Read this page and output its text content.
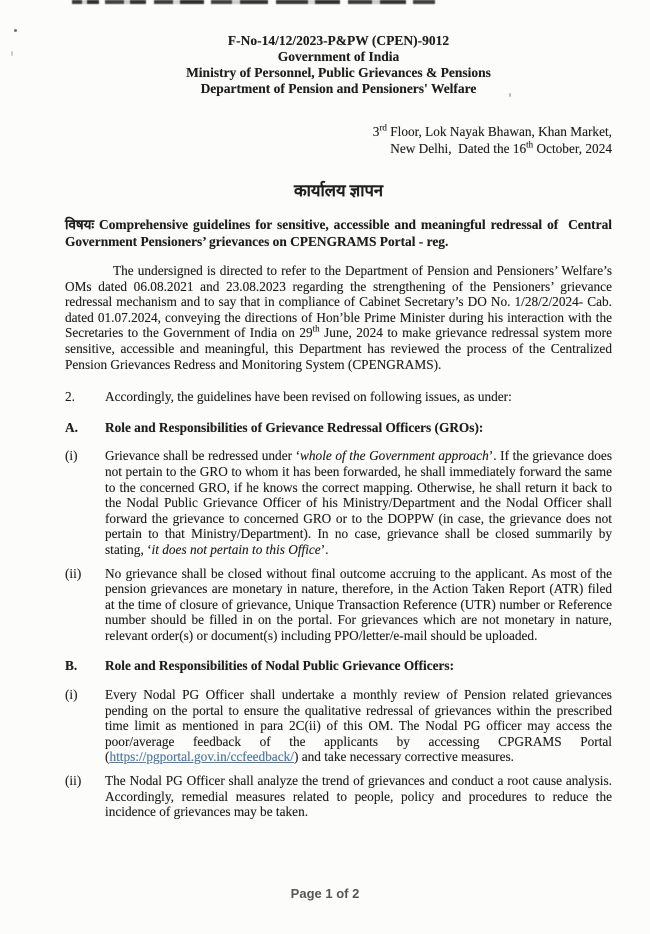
F-No-14/12/2023-P&PW (CPEN)-9012
Government of India
Ministry of Personnel, Public Grievances & Pensions
Department of Pension and Pensioners' Welfare
3rd Floor, Lok Nayak Bhawan, Khan Market,
New Delhi,  Dated the 16th October, 2024
कार्यालय ज्ञापन

विषयः Comprehensive guidelines for sensitive, accessible and meaningful redressal of  Central Government Pensioners’ grievances on CPENGRAMS Portal - reg.

The undersigned is directed to refer to the Department of Pension and Pensioners’ Welfare’s OMs dated 06.08.2021 and 23.08.2023 regarding the strengthening of the Pensioners’ grievance redressal mechanism and to say that in compliance of Cabinet Secretary’s DO No. 1/28/2/2024- Cab. dated 01.07.2024, conveying the directions of Hon’ble Prime Minister during his interaction with the Secretaries to the Government of India on 29th June, 2024 to make grievance redressal system more sensitive, accessible and meaningful, this Department has reviewed the process of the Centralized Pension Grievances Redress and Monitoring System (CPENGRAMS).

2.	Accordingly, the guidelines have been revised on following issues, as under:
A.	Role and Responsibilities of Grievance Redressal Officers (GROs):
(i)	Grievance shall be redressed under ‘whole of the Government approach’. If the grievance does not pertain to the GRO to whom it has been forwarded, he shall immediately forward the same to the concerned GRO, if he knows the correct mapping. Otherwise, he shall return it back to the Nodal Public Grievance Officer of his Ministry/Department and the Nodal Officer shall forward the grievance to concerned GRO or to the DOPPW (in case, the grievance does not pertain to that Ministry/Department). In no case, grievance shall be closed summarily by stating, ‘it does not pertain to this Office’.
(ii)	No grievance shall be closed without final outcome accruing to the applicant. As most of the pension grievances are monetary in nature, therefore, in the Action Taken Report (ATR) filed at the time of closure of grievance, Unique Transaction Reference (UTR) number or Reference number should be filled in on the portal. For grievances which are not monetary in nature, relevant order(s) or document(s) including PPO/letter/e-mail should be uploaded.
B.	Role and Responsibilities of Nodal Public Grievance Officers:
(i)	Every Nodal PG Officer shall undertake a monthly review of Pension related grievances pending on the portal to ensure the qualitative redressal of grievances within the prescribed time limit as mentioned in para 2C(ii) of this OM. The Nodal PG officer may access the poor/average feedback of the applicants by accessing CPGRAMS Portal (https://pgportal.gov.in/ccfeedback/) and take necessary corrective measures.
(ii)	The Nodal PG Officer shall analyze the trend of grievances and conduct a root cause analysis. Accordingly, remedial measures related to people, policy and procedures to reduce the incidence of grievances may be taken.
Page 1 of 2
